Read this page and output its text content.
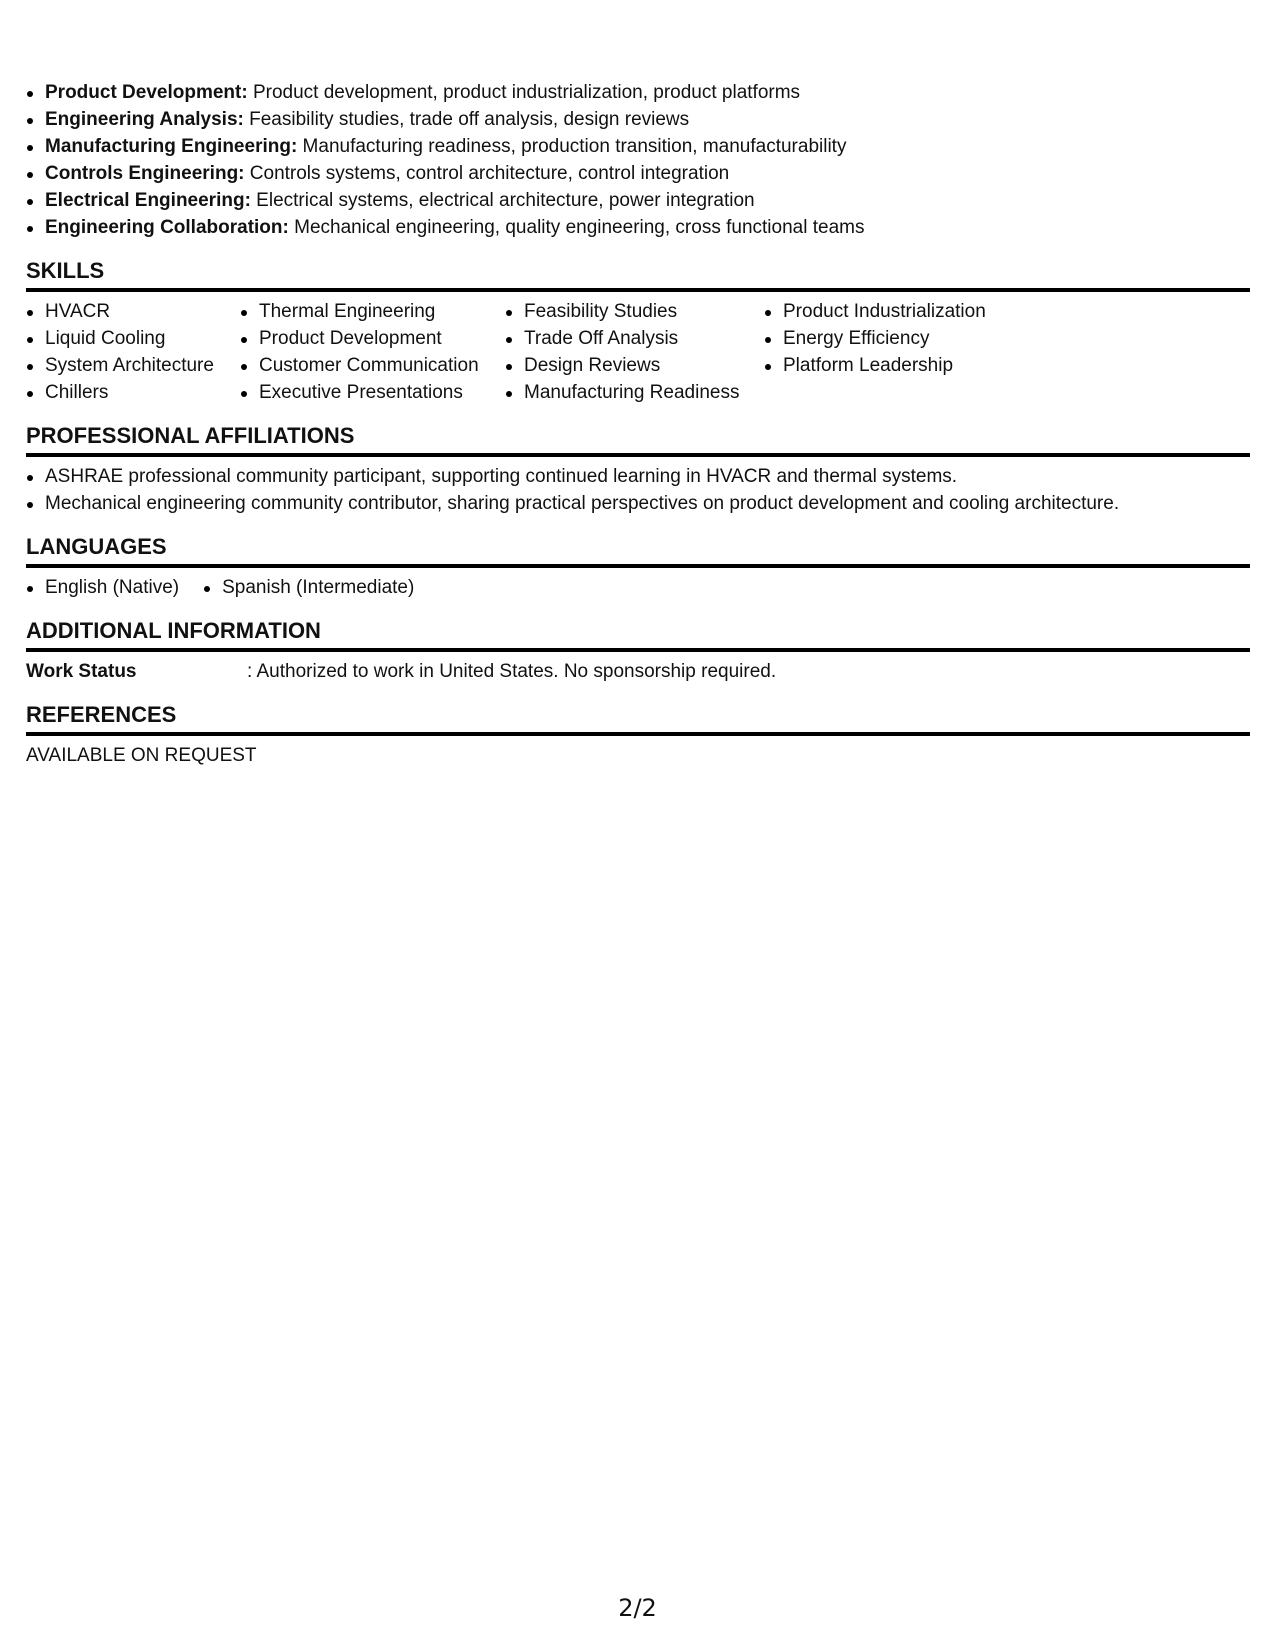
Product Development: Product development, product industrialization, product platforms
Engineering Analysis: Feasibility studies, trade off analysis, design reviews
Manufacturing Engineering: Manufacturing readiness, production transition, manufacturability
Controls Engineering: Controls systems, control architecture, control integration
Electrical Engineering: Electrical systems, electrical architecture, power integration
Engineering Collaboration: Mechanical engineering, quality engineering, cross functional teams
SKILLS
HVACR
Liquid Cooling
System Architecture
Chillers
Thermal Engineering
Product Development
Customer Communication
Executive Presentations
Feasibility Studies
Trade Off Analysis
Design Reviews
Manufacturing Readiness
Product Industrialization
Energy Efficiency
Platform Leadership
PROFESSIONAL AFFILIATIONS
ASHRAE professional community participant, supporting continued learning in HVACR and thermal systems.
Mechanical engineering community contributor, sharing practical perspectives on product development and cooling architecture.
LANGUAGES
English (Native)	Spanish (Intermediate)
ADDITIONAL INFORMATION
Work Status	: Authorized to work in United States. No sponsorship required.
REFERENCES
AVAILABLE ON REQUEST
2/2
